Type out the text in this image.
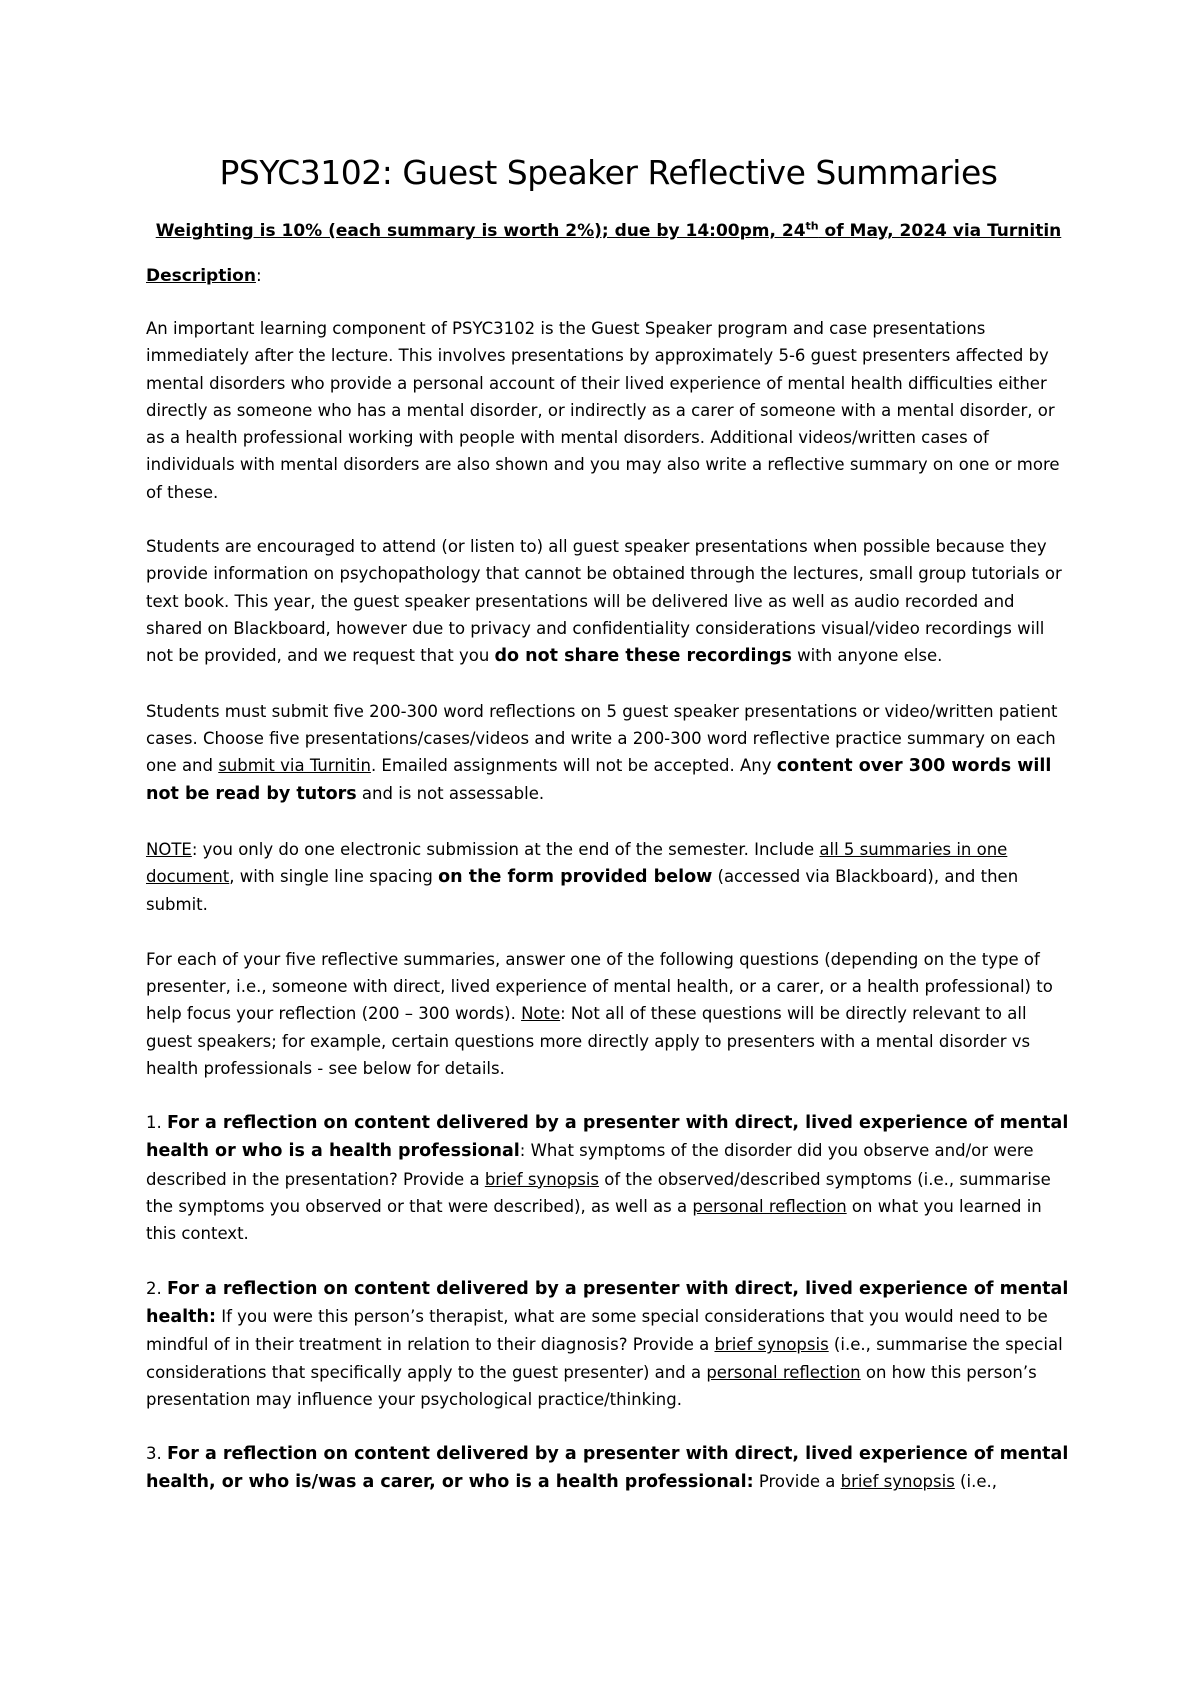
PSYC3102: Guest Speaker Reflective Summaries
Weighting is 10% (each summary is worth 2%); due by 14:00pm, 24th of May, 2024 via Turnitin
Description:

An important learning component of PSYC3102 is the Guest Speaker program and case presentations immediately after the lecture. This involves presentations by approximately 5-6 guest presenters affected by mental disorders who provide a personal account of their lived experience of mental health difficulties either directly as someone who has a mental disorder, or indirectly as a carer of someone with a mental disorder, or as a health professional working with people with mental disorders. Additional videos/written cases of individuals with mental disorders are also shown and you may also write a reflective summary on one or more of these.

Students are encouraged to attend (or listen to) all guest speaker presentations when possible because they provide information on psychopathology that cannot be obtained through the lectures, small group tutorials or text book. This year, the guest speaker presentations will be delivered live as well as audio recorded and shared on Blackboard, however due to privacy and confidentiality considerations visual/video recordings will not be provided, and we request that you do not share these recordings with anyone else.

Students must submit five 200-300 word reflections on 5 guest speaker presentations or video/written patient cases. Choose five presentations/cases/videos and write a 200-300 word reflective practice summary on each one and submit via Turnitin. Emailed assignments will not be accepted. Any content over 300 words will not be read by tutors and is not assessable.

NOTE: you only do one electronic submission at the end of the semester. Include all 5 summaries in one document, with single line spacing on the form provided below (accessed via Blackboard), and then submit.

For each of your five reflective summaries, answer one of the following questions (depending on the type of presenter, i.e., someone with direct, lived experience of mental health, or a carer, or a health professional) to help focus your reflection (200 – 300 words). Note: Not all of these questions will be directly relevant to all guest speakers; for example, certain questions more directly apply to presenters with a mental disorder vs health professionals - see below for details.

1. For a reflection on content delivered by a presenter with direct, lived experience of mental health or who is a health professional: What symptoms of the disorder did you observe and/or were described in the presentation? Provide a brief synopsis of the observed/described symptoms (i.e., summarise the symptoms you observed or that were described), as well as a personal reflection on what you learned in this context.

2. For a reflection on content delivered by a presenter with direct, lived experience of mental health: If you were this person’s therapist, what are some special considerations that you would need to be mindful of in their treatment in relation to their diagnosis? Provide a brief synopsis (i.e., summarise the special considerations that specifically apply to the guest presenter) and a personal reflection on how this person’s presentation may influence your psychological practice/thinking.

3. For a reflection on content delivered by a presenter with direct, lived experience of mental health, or who is/was a carer, or who is a health professional: Provide a brief synopsis (i.e.,
